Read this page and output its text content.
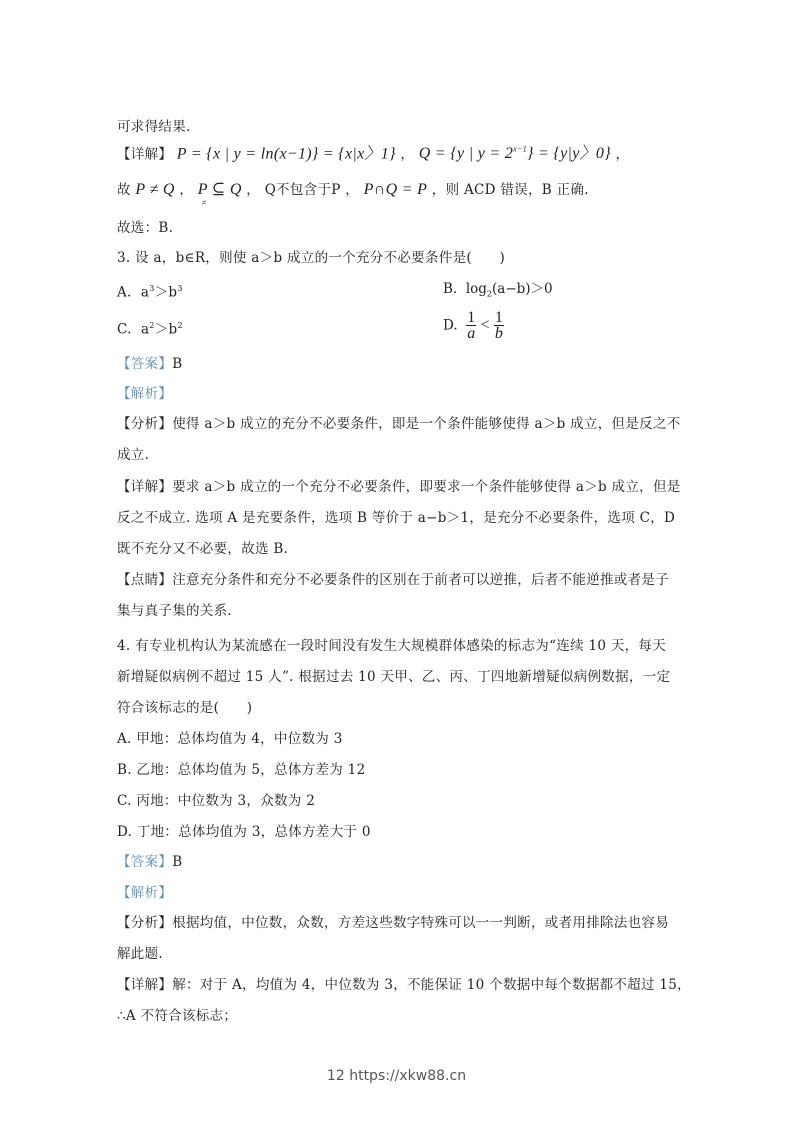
可求得结果.
【详解】 P = {x | y = ln(x−1)} = {x|x〉1} ， Q = {y | $y = 2^{x-1}\} = \{y|y$〉0} ，
故 P ≠ Q ， P ⊆ Q
≠
， Q不包含于P ， P∩Q = P ，则 ACD 错误，B 正确.
故选：B.
3. 设 a，b∈R，则使 a＞b 成立的一个充分不必要条件是(　　)
A. $a^3>b^3$	B. $\log_2(a-b)>0$
C. $a^2>b^2$	D. $\frac{1}{a} < \frac{1}{b}$
【答案】B
【解析】
【分析】使得 a＞b 成立的充分不必要条件，即是一个条件能够使得 a＞b 成立，但是反之不
成立.
【详解】要求 a＞b 成立的一个充分不必要条件，即要求一个条件能够使得 a＞b 成立，但是
反之不成立. 选项 A 是充要条件，选项 B 等价于 a−b＞1，是充分不必要条件，选项 C，D
既不充分又不必要，故选 B.
【点睛】注意充分条件和充分不必要条件的区别在于前者可以逆推，后者不能逆推或者是子
集与真子集的关系.
4. 有专业机构认为某流感在一段时间没有发生大规模群体感染的标志为“连续 10 天，每天
新增疑似病例不超过 15 人”. 根据过去 10 天甲、乙、丙、丁四地新增疑似病例数据，一定
符合该标志的是(　　)
A. 甲地：总体均值为 4，中位数为 3
B. 乙地：总体均值为 5，总体方差为 12
C. 丙地：中位数为 3，众数为 2
D. 丁地：总体均值为 3，总体方差大于 0
【答案】B
【解析】
【分析】根据均值，中位数，众数，方差这些数字特殊可以一一判断，或者用排除法也容易
解此题.
【详解】解：对于 A，均值为 4，中位数为 3，不能保证 10 个数据中每个数据都不超过 15，
∴A 不符合该标志；
12 https://xkw88.cn
